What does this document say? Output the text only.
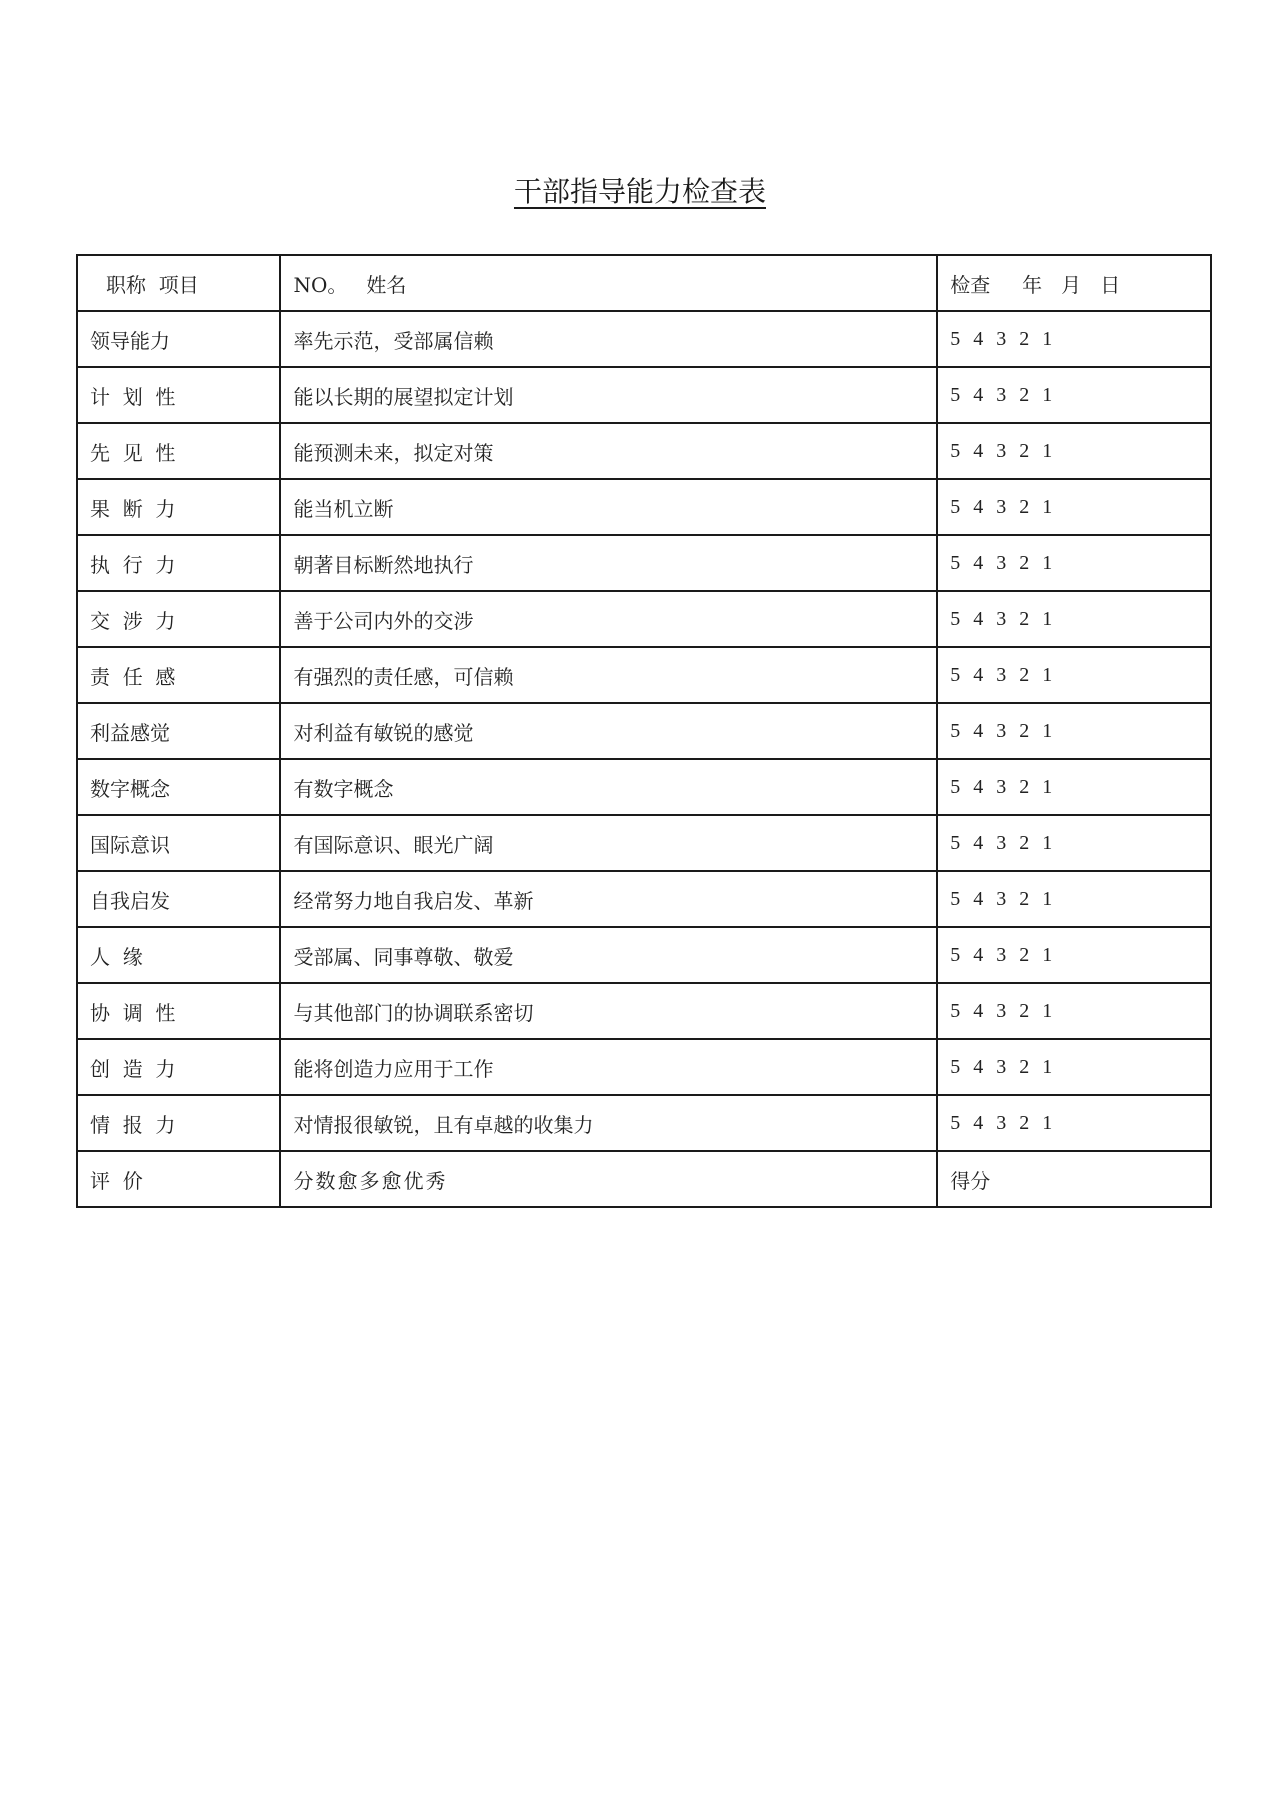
干部指导能力检查表
职称  项目	NO。   姓名	检查     年   月   日
领导能力	率先示范，受部属信赖	5 4 3 2 1
计  划  性	能以长期的展望拟定计划	5 4 3 2 1
先  见  性	能预测未来，拟定对策	5 4 3 2 1
果  断  力	能当机立断	5 4 3 2 1
执  行  力	朝著目标断然地执行	5 4 3 2 1
交  涉  力	善于公司内外的交涉	5 4 3 2 1
责  任  感	有强烈的责任感，可信赖	5 4 3 2 1
利益感觉	对利益有敏锐的感觉	5 4 3 2 1
数字概念	有数字概念	5 4 3 2 1
国际意识	有国际意识、眼光广阔	5 4 3 2 1
自我启发	经常努力地自我启发、革新	5 4 3 2 1
人  缘	受部属、同事尊敬、敬爱	5 4 3 2 1
协  调  性	与其他部门的协调联系密切	5 4 3 2 1
创  造  力	能将创造力应用于工作	5 4 3 2 1
情  报  力	对情报很敏锐，且有卓越的收集力	5 4 3 2 1
评  价	分数愈多愈优秀	得分
